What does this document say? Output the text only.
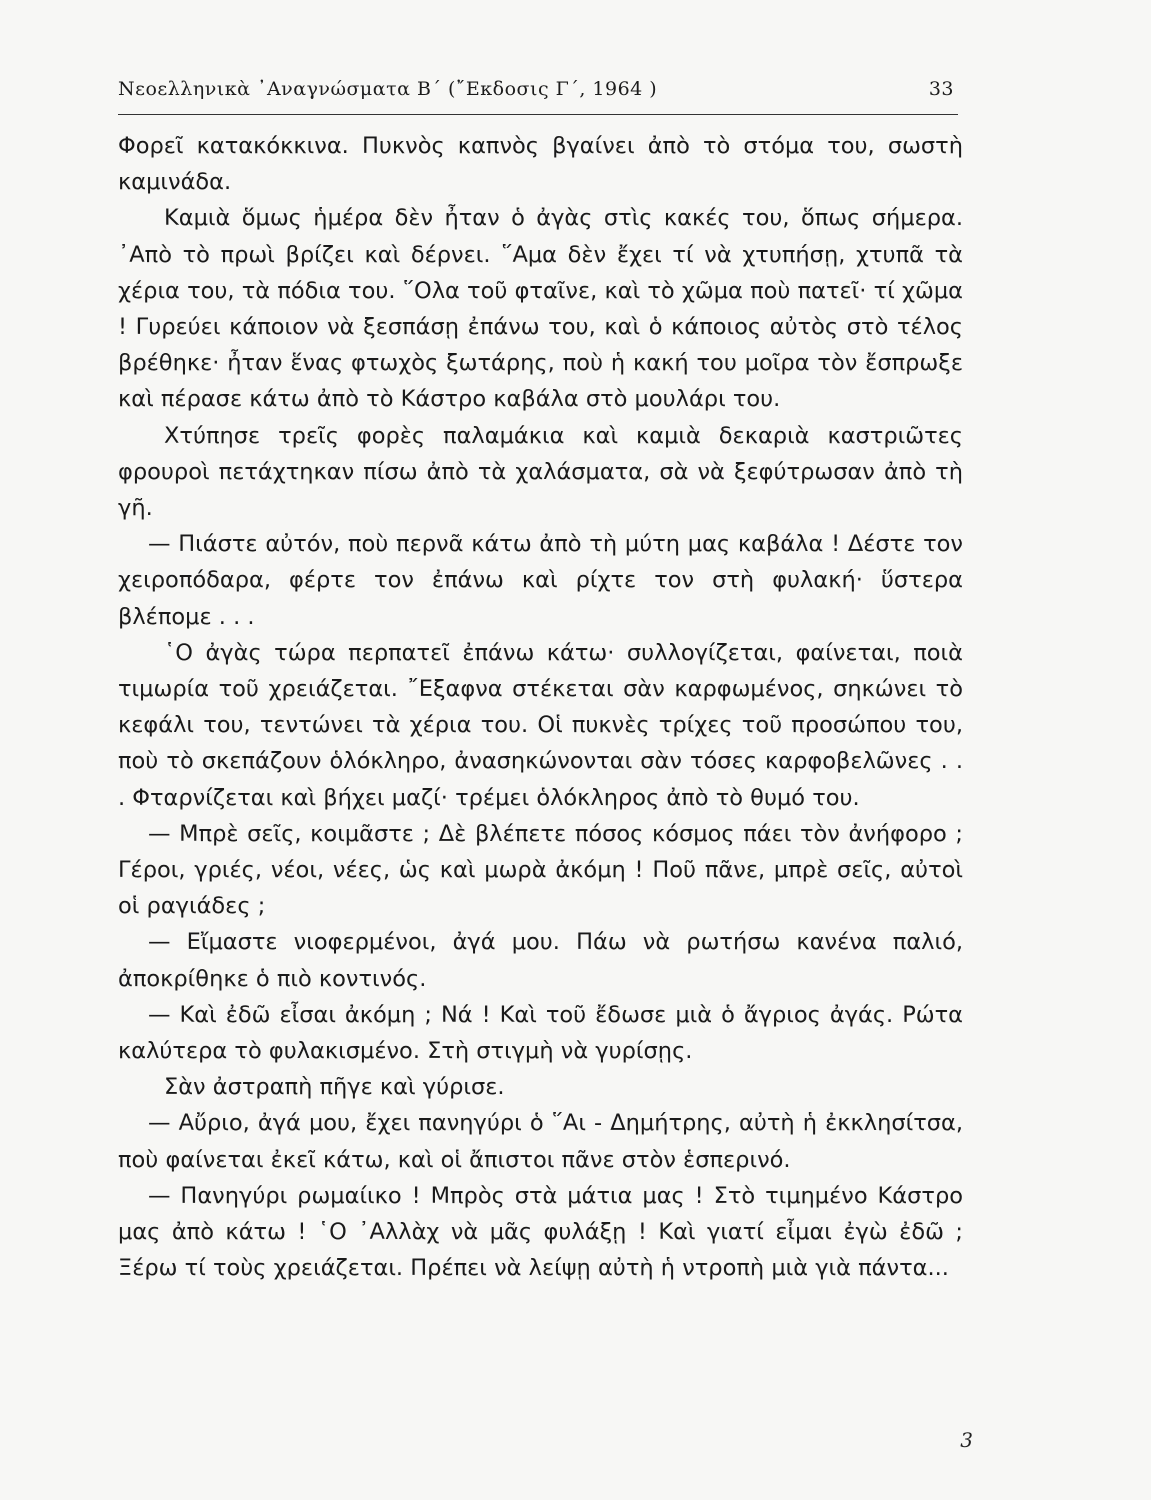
Νεοελληνικὰ ᾿Αναγνώσματα Β΄ (῎Εκδοσις Γ΄, 1964 )	33

Φορεῖ κατακόκκινα. Πυκνὸς καπνὸς βγαίνει ἀπὸ τὸ στόμα του, σωστὴ καμινάδα.

Καμιὰ ὅμως ἡμέρα δὲν ἦταν ὁ ἀγὰς στὶς κακές του, ὅπως σήμερα. ᾿Απὸ τὸ πρωὶ βρίζει καὶ δέρνει. ῞Αμα δὲν ἔχει τί νὰ χτυπήσῃ, χτυπᾶ τὰ χέρια του, τὰ πόδια του. ῞Ολα τοῦ φταῖνε, καὶ τὸ χῶμα ποὺ πατεῖ· τί χῶμα ! Γυρεύει κάποιον νὰ ξεσπάσῃ ἐπάνω του, καὶ ὁ κάποιος αὐτὸς στὸ τέλος βρέθηκε· ἦταν ἕνας φτωχὸς ξωτάρης, ποὺ ἡ κακή του μοῖρα τὸν ἔσπρωξε καὶ πέρασε κάτω ἀπὸ τὸ Κάστρο καβάλα στὸ μουλάρι του.

Χτύπησε τρεῖς φορὲς παλαμάκια καὶ καμιὰ δεκαριὰ καστριῶτες φρουροὶ πετάχτηκαν πίσω ἀπὸ τὰ χαλάσματα, σὰ νὰ ξεφύτρωσαν ἀπὸ τὴ γῆ.

— Πιάστε αὐτόν, ποὺ περνᾶ κάτω ἀπὸ τὴ μύτη μας καβάλα ! Δέστε τον χειροπόδαρα, φέρτε τον ἐπάνω καὶ ρίχτε τον στὴ φυλακή· ὕστερα βλέπομε . . .

῾Ο ἀγὰς τώρα περπατεῖ ἐπάνω κάτω· συλλογίζεται, φαίνεται, ποιὰ τιμωρία τοῦ χρειάζεται. ῎Εξαφνα στέκεται σὰν καρφωμένος, σηκώνει τὸ κεφάλι του, τεντώνει τὰ χέρια του. Οἱ πυκνὲς τρίχες τοῦ προσώπου του, ποὺ τὸ σκεπάζουν ὁλόκληρο, ἀνασηκώνονται σὰν τόσες καρφοβελῶνες . . . Φταρνίζεται καὶ βήχει μαζί· τρέμει ὁλόκληρος ἀπὸ τὸ θυμό του.

— Μπρὲ σεῖς, κοιμᾶστε ; Δὲ βλέπετε πόσος κόσμος πάει τὸν ἀνήφορο ; Γέροι, γριές, νέοι, νέες, ὡς καὶ μωρὰ ἀκόμη ! Ποῦ πᾶνε, μπρὲ σεῖς, αὐτοὶ οἱ ραγιάδες ;

— Εἴμαστε νιοφερμένοι, ἀγά μου. Πάω νὰ ρωτήσω κανένα παλιό, ἀποκρίθηκε ὁ πιὸ κοντινός.

— Καὶ ἐδῶ εἶσαι ἀκόμη ; Νά ! Καὶ τοῦ ἔδωσε μιὰ ὁ ἄγριος ἀγάς. Ρώτα καλύτερα τὸ φυλακισμένο. Στὴ στιγμὴ νὰ γυρίσῃς.

Σὰν ἀστραπὴ πῆγε καὶ γύρισε.

— Αὔριο, ἀγά μου, ἔχει πανηγύρι ὁ ῞Αι - Δημήτρης, αὐτὴ ἡ ἐκκλησίτσα, ποὺ φαίνεται ἐκεῖ κάτω, καὶ οἱ ἄπιστοι πᾶνε στὸν ἑσπερινό.

— Πανηγύρι ρωμαίικο ! Μπρὸς στὰ μάτια μας ! Στὸ τιμημένο Κάστρο μας ἀπὸ κάτω ! ῾Ο ᾿Αλλὰχ νὰ μᾶς φυλάξῃ ! Καὶ γιατί εἶμαι ἐγὼ ἐδῶ ; Ξέρω τί τοὺς χρειάζεται. Πρέπει νὰ λείψῃ αὐτὴ ἡ ντροπὴ μιὰ γιὰ πάντα...

3
